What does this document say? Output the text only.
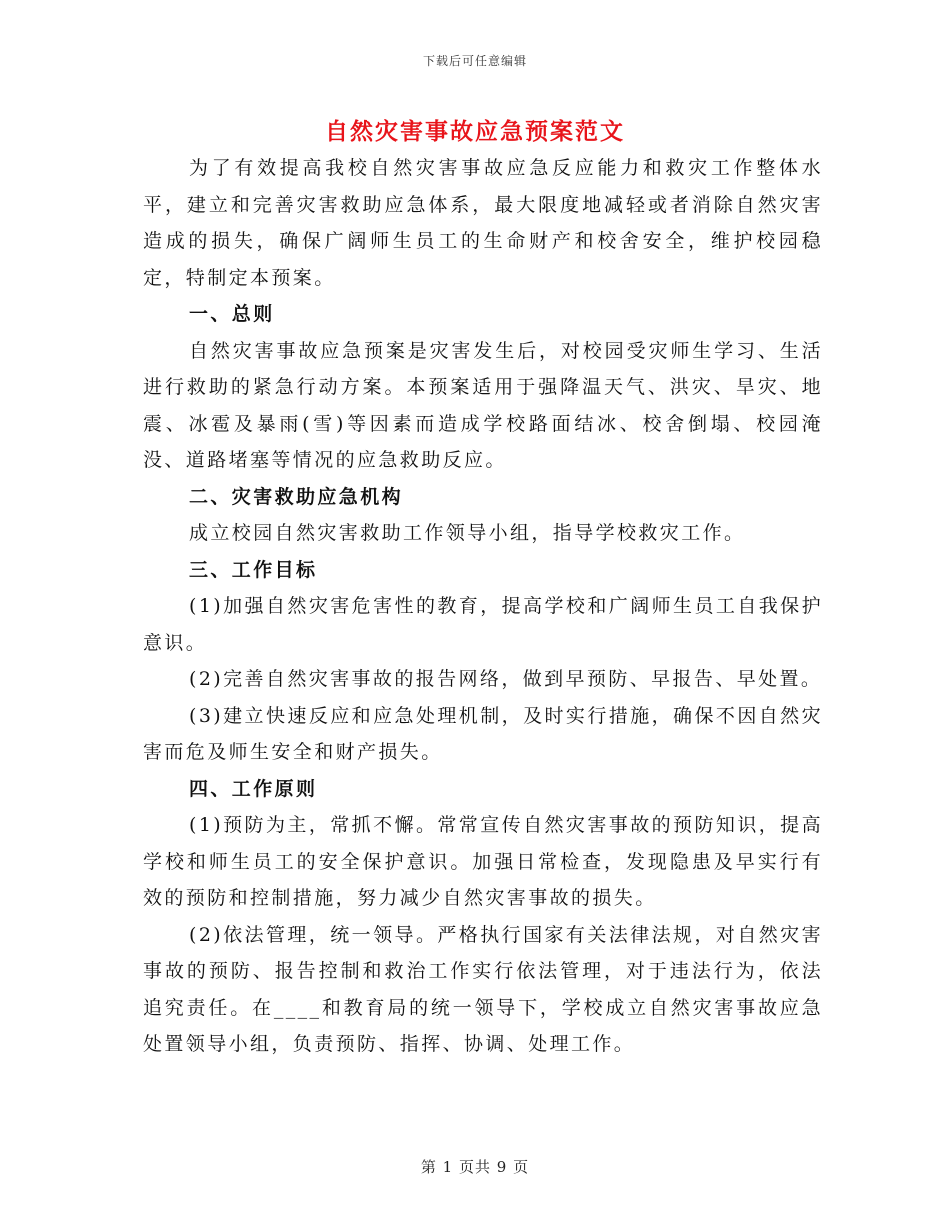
下载后可任意编辑
自然灾害事故应急预案范文

为了有效提高我校自然灾害事故应急反应能力和救灾工作整体水平，建立和完善灾害救助应急体系，最大限度地减轻或者消除自然灾害造成的损失，确保广阔师生员工的生命财产和校舍安全，维护校园稳定，特制定本预案。

一、总则

自然灾害事故应急预案是灾害发生后，对校园受灾师生学习、生活进行救助的紧急行动方案。本预案适用于强降温天气、洪灾、旱灾、地震、冰雹及暴雨(雪)等因素而造成学校路面结冰、校舍倒塌、校园淹没、道路堵塞等情况的应急救助反应。

二、灾害救助应急机构

成立校园自然灾害救助工作领导小组，指导学校救灾工作。

三、工作目标

(1)加强自然灾害危害性的教育，提高学校和广阔师生员工自我保护意识。

(2)完善自然灾害事故的报告网络，做到早预防、早报告、早处置。

(3)建立快速反应和应急处理机制，及时实行措施，确保不因自然灾害而危及师生安全和财产损失。

四、工作原则

(1)预防为主，常抓不懈。常常宣传自然灾害事故的预防知识，提高学校和师生员工的安全保护意识。加强日常检查，发现隐患及早实行有效的预防和控制措施，努力减少自然灾害事故的损失。

(2)依法管理，统一领导。严格执行国家有关法律法规，对自然灾害事故的预防、报告控制和救治工作实行依法管理，对于违法行为，依法追究责任。在____和教育局的统一领导下，学校成立自然灾害事故应急处置领导小组，负责预防、指挥、协调、处理工作。

第 1 页共 9 页
